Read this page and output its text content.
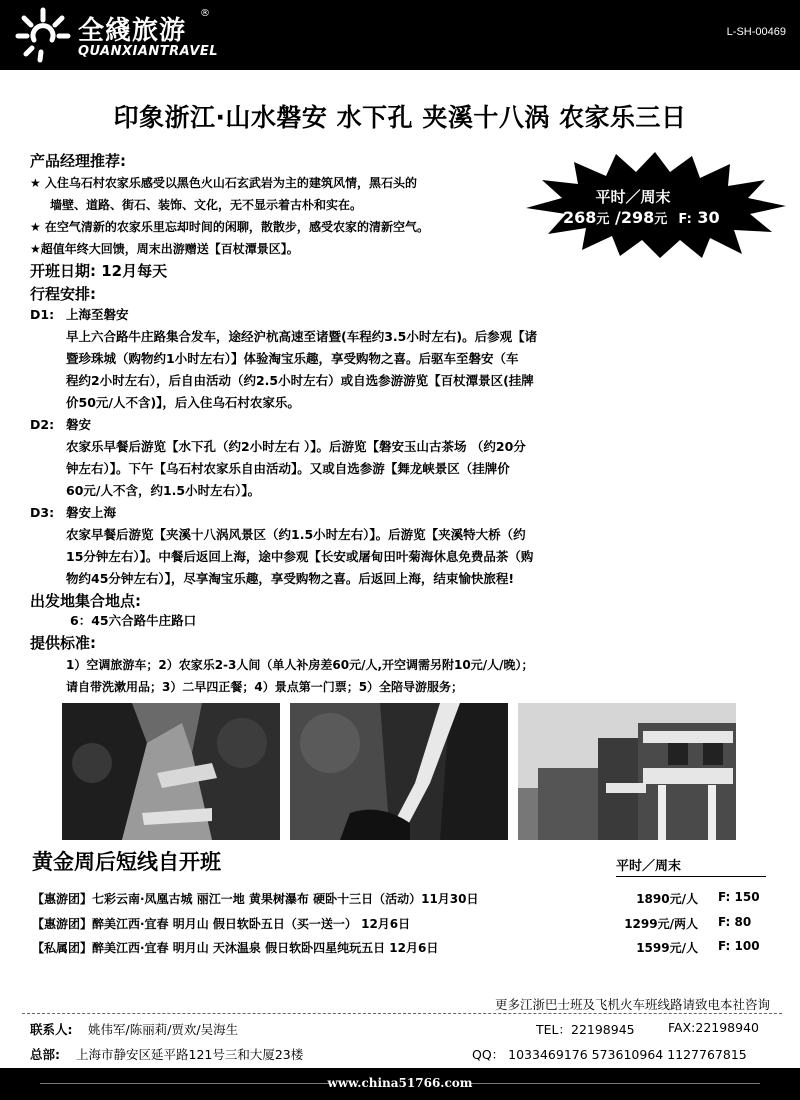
全綫旅游
®
QUANXIANTRAVEL
L-SH-00469
印象浙江·山水磐安 水下孔 夹溪十八涡 农家乐三日
产品经理推荐:
★ 入住乌石村农家乐感受以黑色火山石玄武岩为主的建筑风情，黑石头的
墙壁、道路、街石、装饰、文化，无不显示着古朴和实在。
★ 在空气清新的农家乐里忘却时间的闲聊，散散步，感受农家的清新空气。
★超值年终大回馈，周末出游赠送【百杖潭景区】。
平时／周末
268元 /298元 F: 30
开班日期: 12月每天
行程安排:
D1: 上海至磐安
早上六合路牛庄路集合发车，途经沪杭高速至诸暨(车程约3.5小时左右)。后参观【诸
暨珍珠城（购物约1小时左右）】体验淘宝乐趣，享受购物之喜。后驱车至磐安（车
程约2小时左右），后自由活动（约2.5小时左右）或自选参游游览【百杖潭景区(挂牌
价50元/人不含)】，后入住乌石村农家乐。
D2: 磐安
农家乐早餐后游览【水下孔（约2小时左右 ）】。后游览【磐安玉山古茶场 （约20分
钟左右）】。下午【乌石村农家乐自由活动】。又或自选参游【舞龙峡景区（挂牌价
60元/人不含，约1.5小时左右）】。
D3: 磐安上海
农家早餐后游览【夹溪十八涡风景区（约1.5小时左右）】。后游览【夹溪特大桥（约
15分钟左右）】。中餐后返回上海，途中参观【长安或屠甸田叶菊海休息免费品茶（购
物约45分钟左右）】，尽享淘宝乐趣，享受购物之喜。后返回上海，结束愉快旅程!
出发地集合地点:
6：45六合路牛庄路口
提供标准:
1）空调旅游车；2）农家乐2-3人间（单人补房差60元/人,开空调需另附10元/人/晚）；
请自带洗漱用品；3）二早四正餐；4）景点第一门票；5）全陪导游服务；
黄金周后短线自开班	平时／周末
【惠游团】七彩云南·凤凰古城 丽江一地 黄果树瀑布 硬卧十三日（活动）11月30日	1890元/人 F: 150
【惠游团】醉美江西·宜春 明月山 假日软卧五日（买一送一） 12月6日	1299元/两人 F: 80
【私属团】醉美江西·宜春 明月山 天沐温泉 假日软卧四星纯玩五日 12月6日	1599元/人 F: 100
更多江浙巴士班及飞机火车班线路请致电本社咨询
联系人: 姚伟军/陈丽莉/贾欢/吴海生	TEL：22198945	FAX:22198940
总部: 上海市静安区延平路121号三和大厦23楼	QQ： 1033469176 573610964 1127767815
www.china51766.com
